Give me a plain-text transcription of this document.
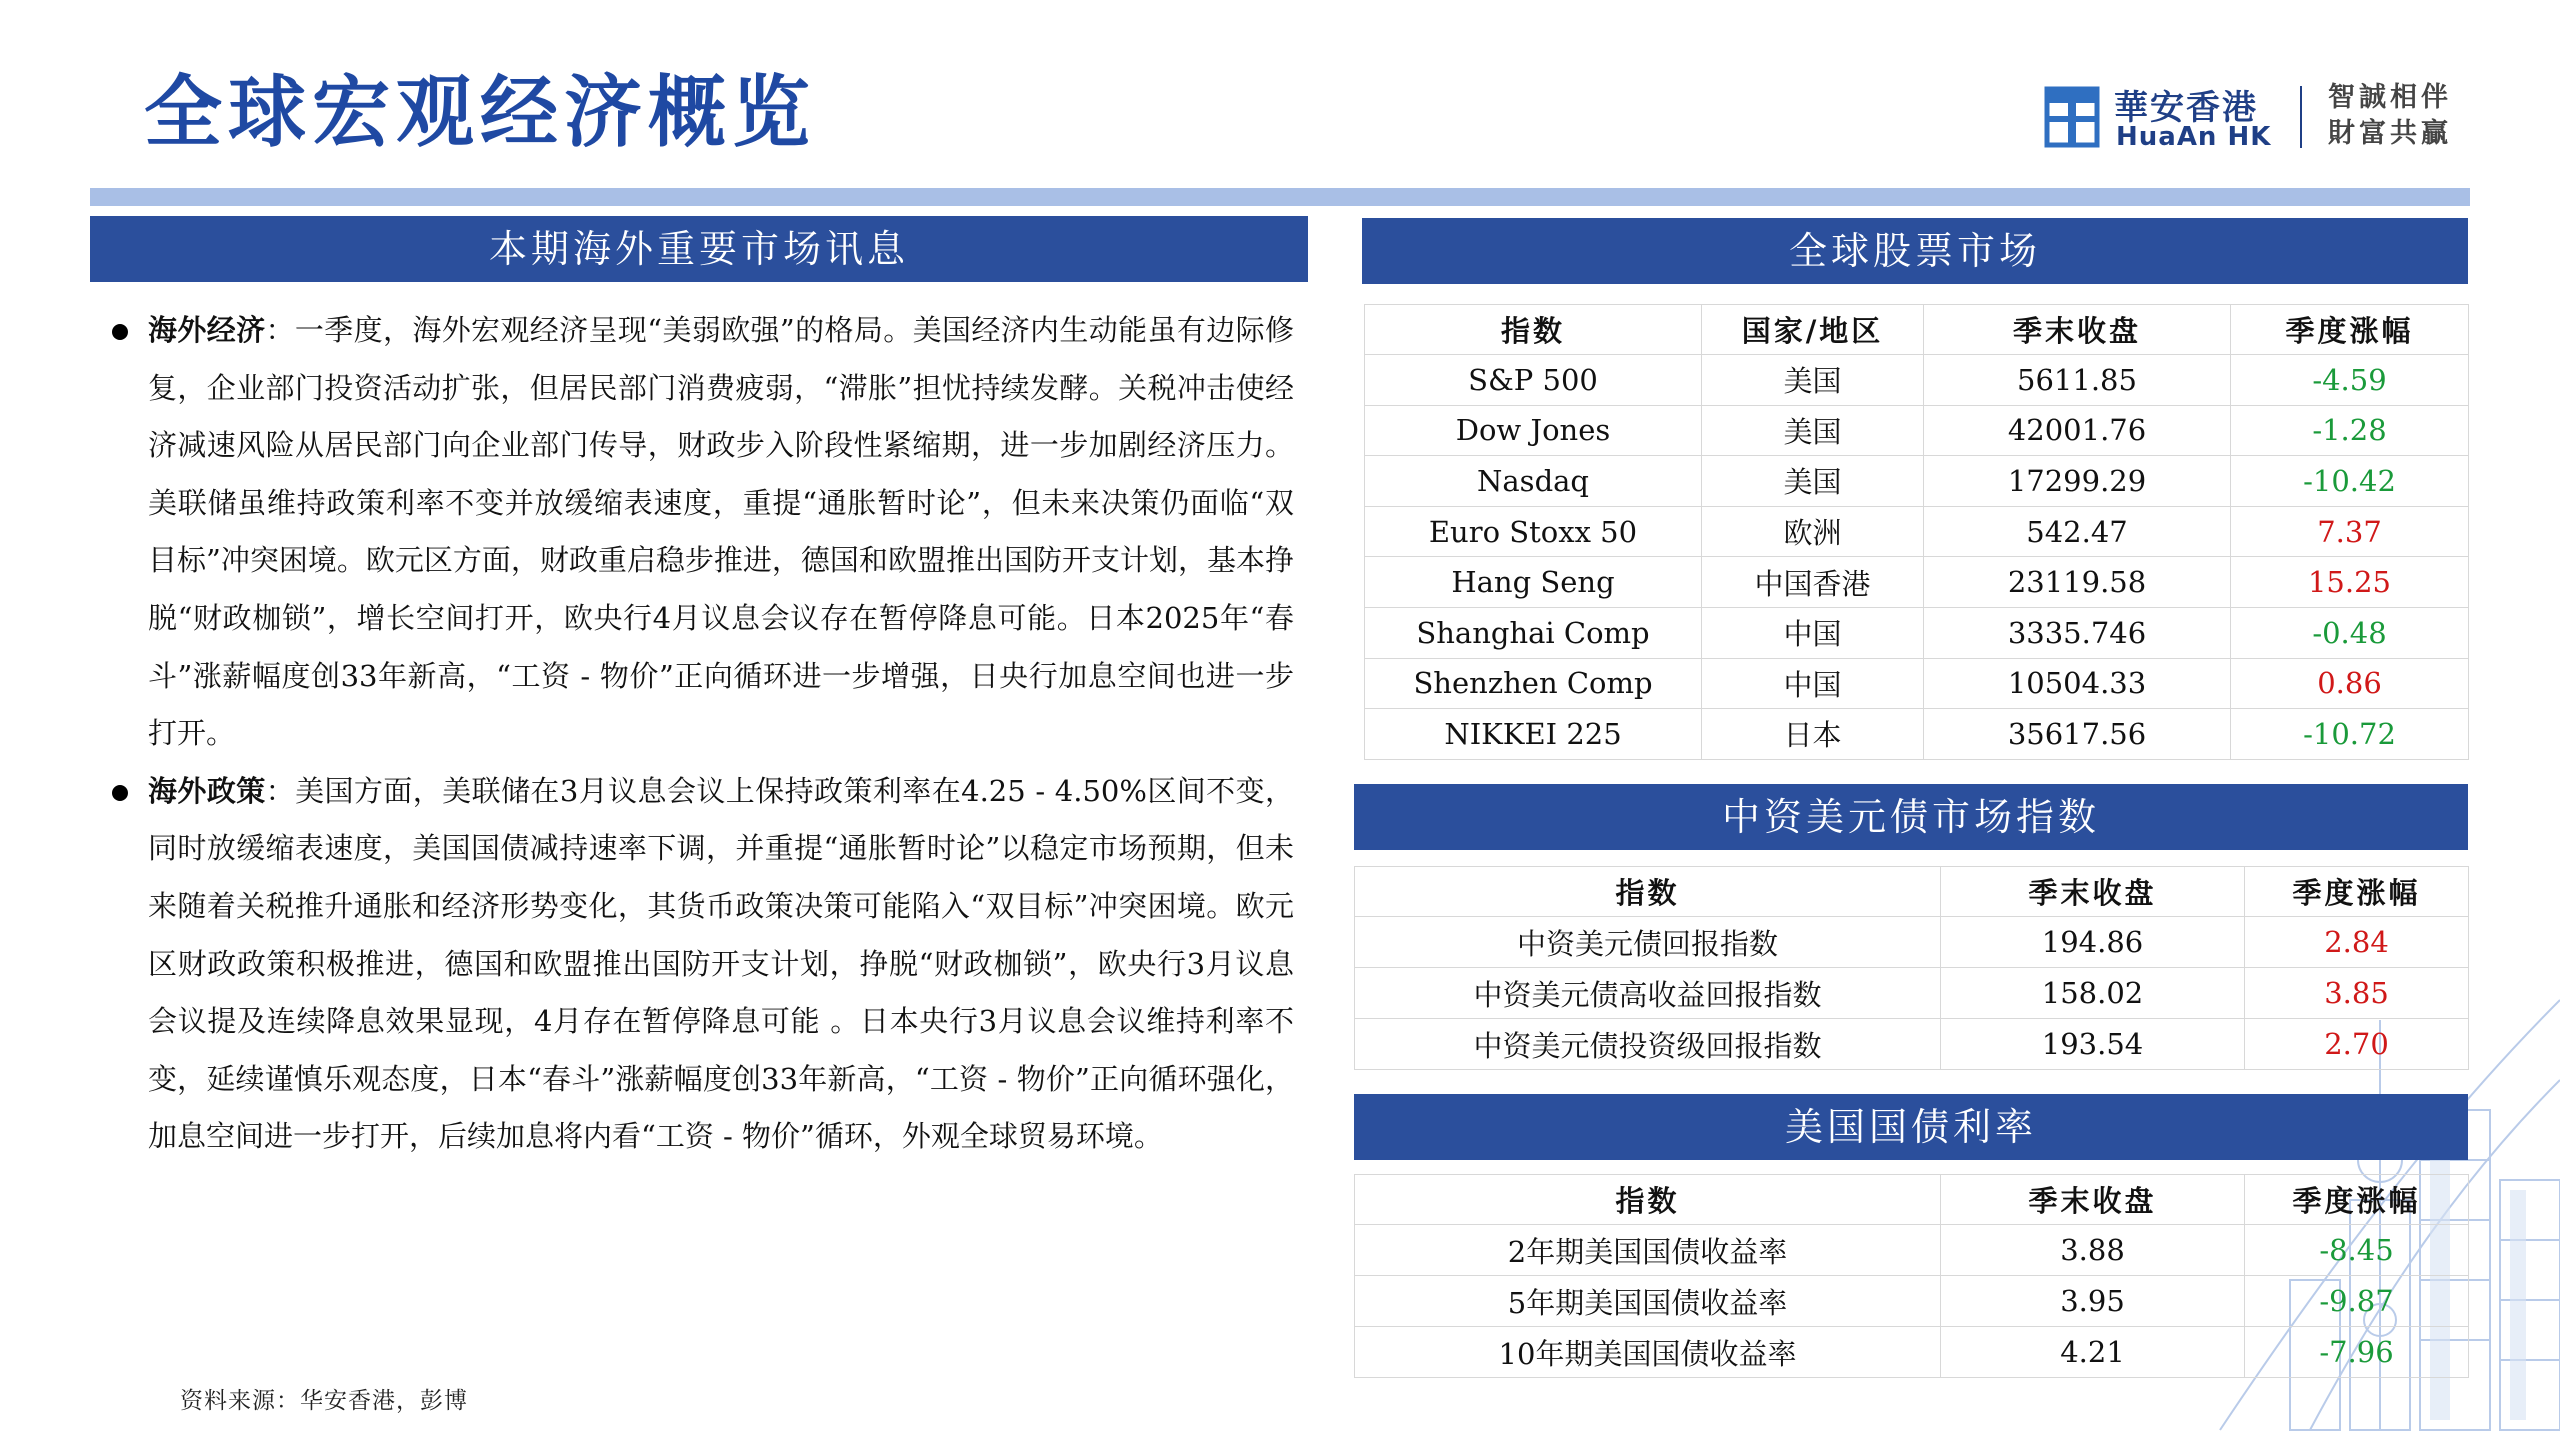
全球宏观经济概览	華安香港
HuaAn HK
智誠相伴 財富共贏
本期海外重要市场讯息
海外经济：一季度，海外宏观经济呈现“美弱欧强”的格局。美国经济内生动能虽有边际修复，企业部门投资活动扩张，但居民部门消费疲弱，“滞胀”担忧持续发酵。关税冲击使经济减速风险从居民部门向企业部门传导，财政步入阶段性紧缩期，进一步加剧经济压力。美联储虽维持政策利率不变并放缓缩表速度，重提“通胀暂时论”，但未来决策仍面临“双目标”冲突困境。欧元区方面，财政重启稳步推进，德国和欧盟推出国防开支计划，基本挣脱“财政枷锁”，增长空间打开，欧央行4月议息会议存在暂停降息可能。日本2025年“春斗”涨薪幅度创33年新高，“工资 - 物价”正向循环进一步增强，日央行加息空间也进一步打开。
海外政策：美国方面，美联储在3月议息会议上保持政策利率在4.25 - 4.50%区间不变，同时放缓缩表速度，美国国债减持速率下调，并重提“通胀暂时论”以稳定市场预期，但未来随着关税推升通胀和经济形势变化，其货币政策决策可能陷入“双目标”冲突困境。欧元区财政政策积极推进，德国和欧盟推出国防开支计划，挣脱“财政枷锁”，欧央行3月议息会议提及连续降息效果显现，4月存在暂停降息可能 。日本央行3月议息会议维持利率不变，延续谨慎乐观态度，日本“春斗”涨薪幅度创33年新高，“工资 - 物价”正向循环强化，加息空间进一步打开，后续加息将内看“工资 - 物价”循环，外观全球贸易环境。
资料来源：华安香港，彭博
全球股票市场
指数	国家/地区	季末收盘	季度涨幅
S&P 500	美国	5611.85	-4.59
Dow Jones	美国	42001.76	-1.28
Nasdaq	美国	17299.29	-10.42
Euro Stoxx 50	欧洲	542.47	7.37
Hang Seng	中国香港	23119.58	15.25
Shanghai Comp	中国	3335.746	-0.48
Shenzhen Comp	中国	10504.33	0.86
NIKKEI 225	日本	35617.56	-10.72
中资美元债市场指数
指数	季末收盘	季度涨幅
中资美元债回报指数	194.86	2.84
中资美元债高收益回报指数	158.02	3.85
中资美元债投资级回报指数	193.54	2.70
美国国债利率
指数	季末收盘	季度涨幅
2年期美国国债收益率	3.88	-8.45
5年期美国国债收益率	3.95	-9.87
10年期美国国债收益率	4.21	-7.96
